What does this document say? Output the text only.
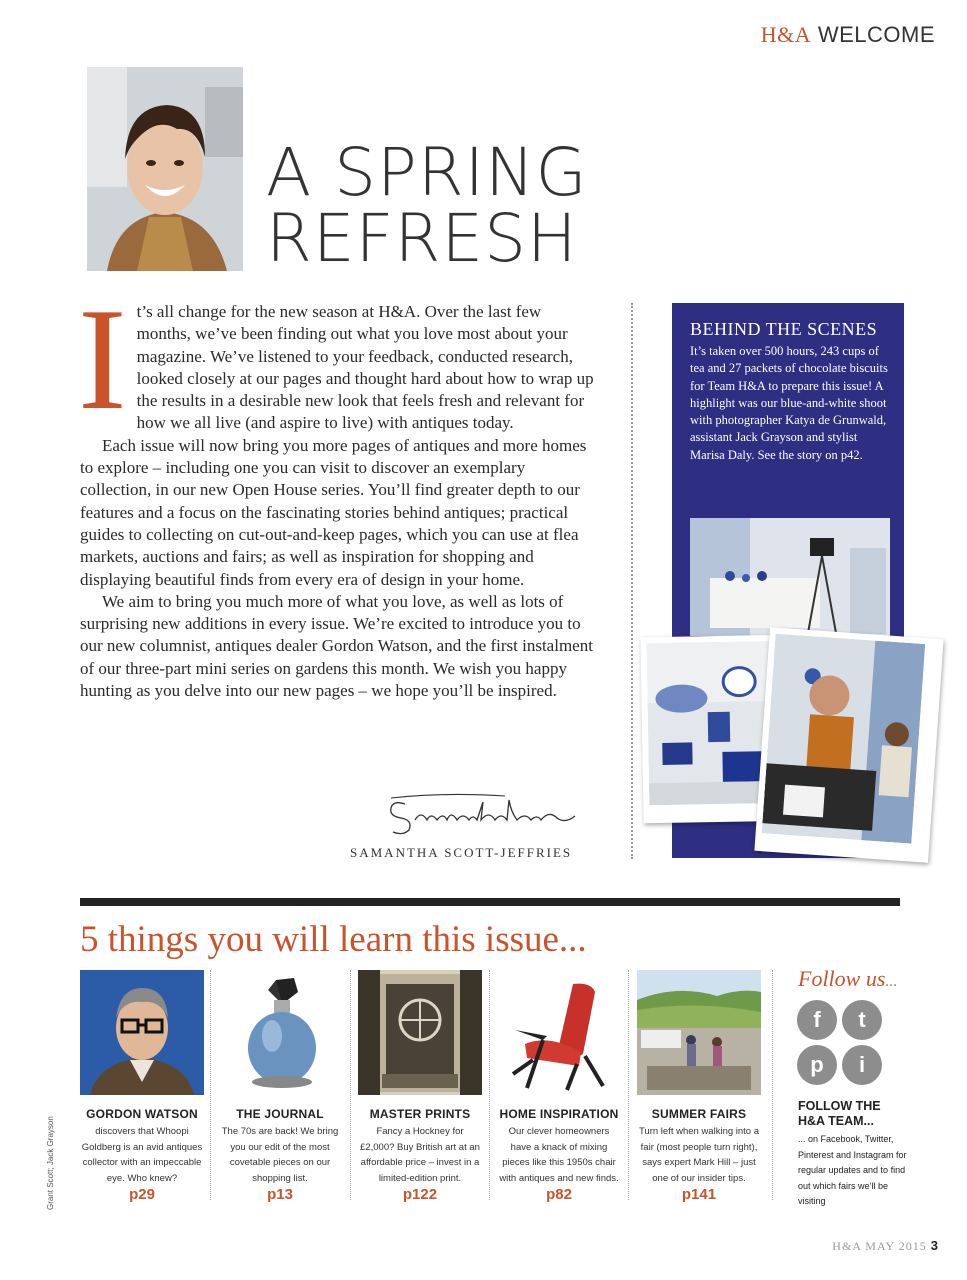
H&A WELCOME
A SPRING
REFRESH

It’s all change for the new season at H&A. Over the last few months, we’ve been finding out what you love most about your magazine. We’ve listened to your feedback, conducted research, looked closely at our pages and thought hard about how to wrap up the results in a desirable new look that feels fresh and relevant for how we all live (and aspire to live) with antiques today.

Each issue will now bring you more pages of antiques and more homes to explore – including one you can visit to discover an exemplary collection, in our new Open House series. You’ll find greater depth to our features and a focus on the fascinating stories behind antiques; practical guides to collecting on cut-out-and-keep pages, which you can use at flea markets, auctions and fairs; as well as inspiration for shopping and displaying beautiful finds from every era of design in your home.

We aim to bring you much more of what you love, as well as lots of surprising new additions in every issue. We’re excited to introduce you to our new columnist, antiques dealer Gordon Watson, and the first instalment of our three-part mini series on gardens this month. We wish you happy hunting as you delve into our new pages – we hope you’ll be inspired.

SAMANTHA SCOTT-JEFFRIES
BEHIND THE SCENES
It’s taken over 500 hours, 243 cups of tea and 27 packets of chocolate biscuits for Team H&A to prepare this issue! A highlight was our blue-and-white shoot with photographer Katya de Grunwald, assistant Jack Grayson and stylist Marisa Daly. See the story on p42.
5 things you will learn this issue...
GORDON WATSON
discovers that Whoopi Goldberg is an avid antiques collector with an impeccable eye. Who knew?
p29
THE JOURNAL
The 70s are back! We bring you our edit of the most covetable pieces on our shopping list.
p13
MASTER PRINTS
Fancy a Hockney for £2,000? Buy British art at an affordable price – invest in a limited-edition print.
p122
HOME INSPIRATION
Our clever homeowners have a knack of mixing pieces like this 1950s chair with antiques and new finds.
p82
SUMMER FAIRS
Turn left when walking into a fair (most people turn right), says expert Mark Hill – just one of our insider tips.
p141
Follow us...
f	t
p	i
FOLLOW THE H&A TEAM...
... on Facebook, Twitter, Pinterest and Instagram for regular updates and to find out which fairs we’ll be visiting
Grant Scott; Jack Grayson
H&A MAY 2015 3
